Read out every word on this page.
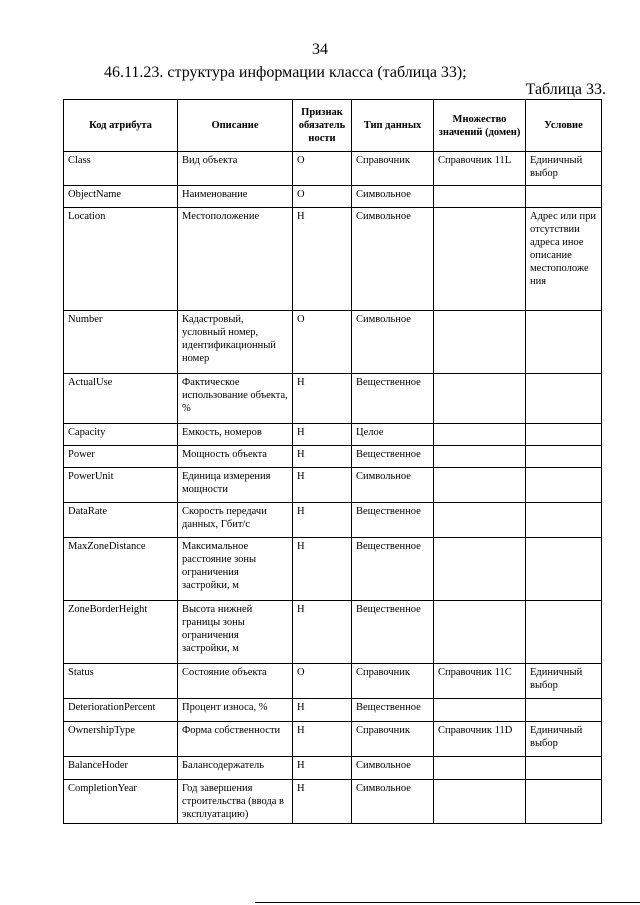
34
46.11.23. структура информации класса (таблица 33);
Таблица 33.
Код атрибута	Описание	Признак обязатель ности	Тип данных	Множество значений (домен)	Условие
Class	Вид объекта	О	Справочник	Справочник 11L	Единичный выбор
ObjectName	Наименование	О	Символьное		
Location	Местоположение	Н	Символьное		Адрес или при отсутствии адреса иное описание местоположе ния
Number	Кадастровый, условный номер, идентификационный номер	О	Символьное		
ActualUse	Фактическое использование объекта, %	Н	Вещественное		
Capacity	Емкость, номеров	Н	Целое		
Power	Мощность объекта	Н	Вещественное		
PowerUnit	Единица измерения мощности	Н	Символьное		
DataRate	Скорость передачи данных, Гбит/с	Н	Вещественное		
MaxZoneDistance	Максимальное расстояние зоны ограничения застройки, м	Н	Вещественное		
ZoneBorderHeight	Высота нижней границы зоны ограничения застройки, м	Н	Вещественное		
Status	Состояние объекта	О	Справочник	Справочник 11С	Единичный выбор
DeteriorationPercent	Процент износа, %	Н	Вещественное		
OwnershipType	Форма собственности	Н	Справочник	Справочник 11D	Единичный выбор
BalanceHoder	Балансодержатель	Н	Символьное		
CompletionYear	Год завершения строительства (ввода в эксплуатацию)	Н	Символьное		
